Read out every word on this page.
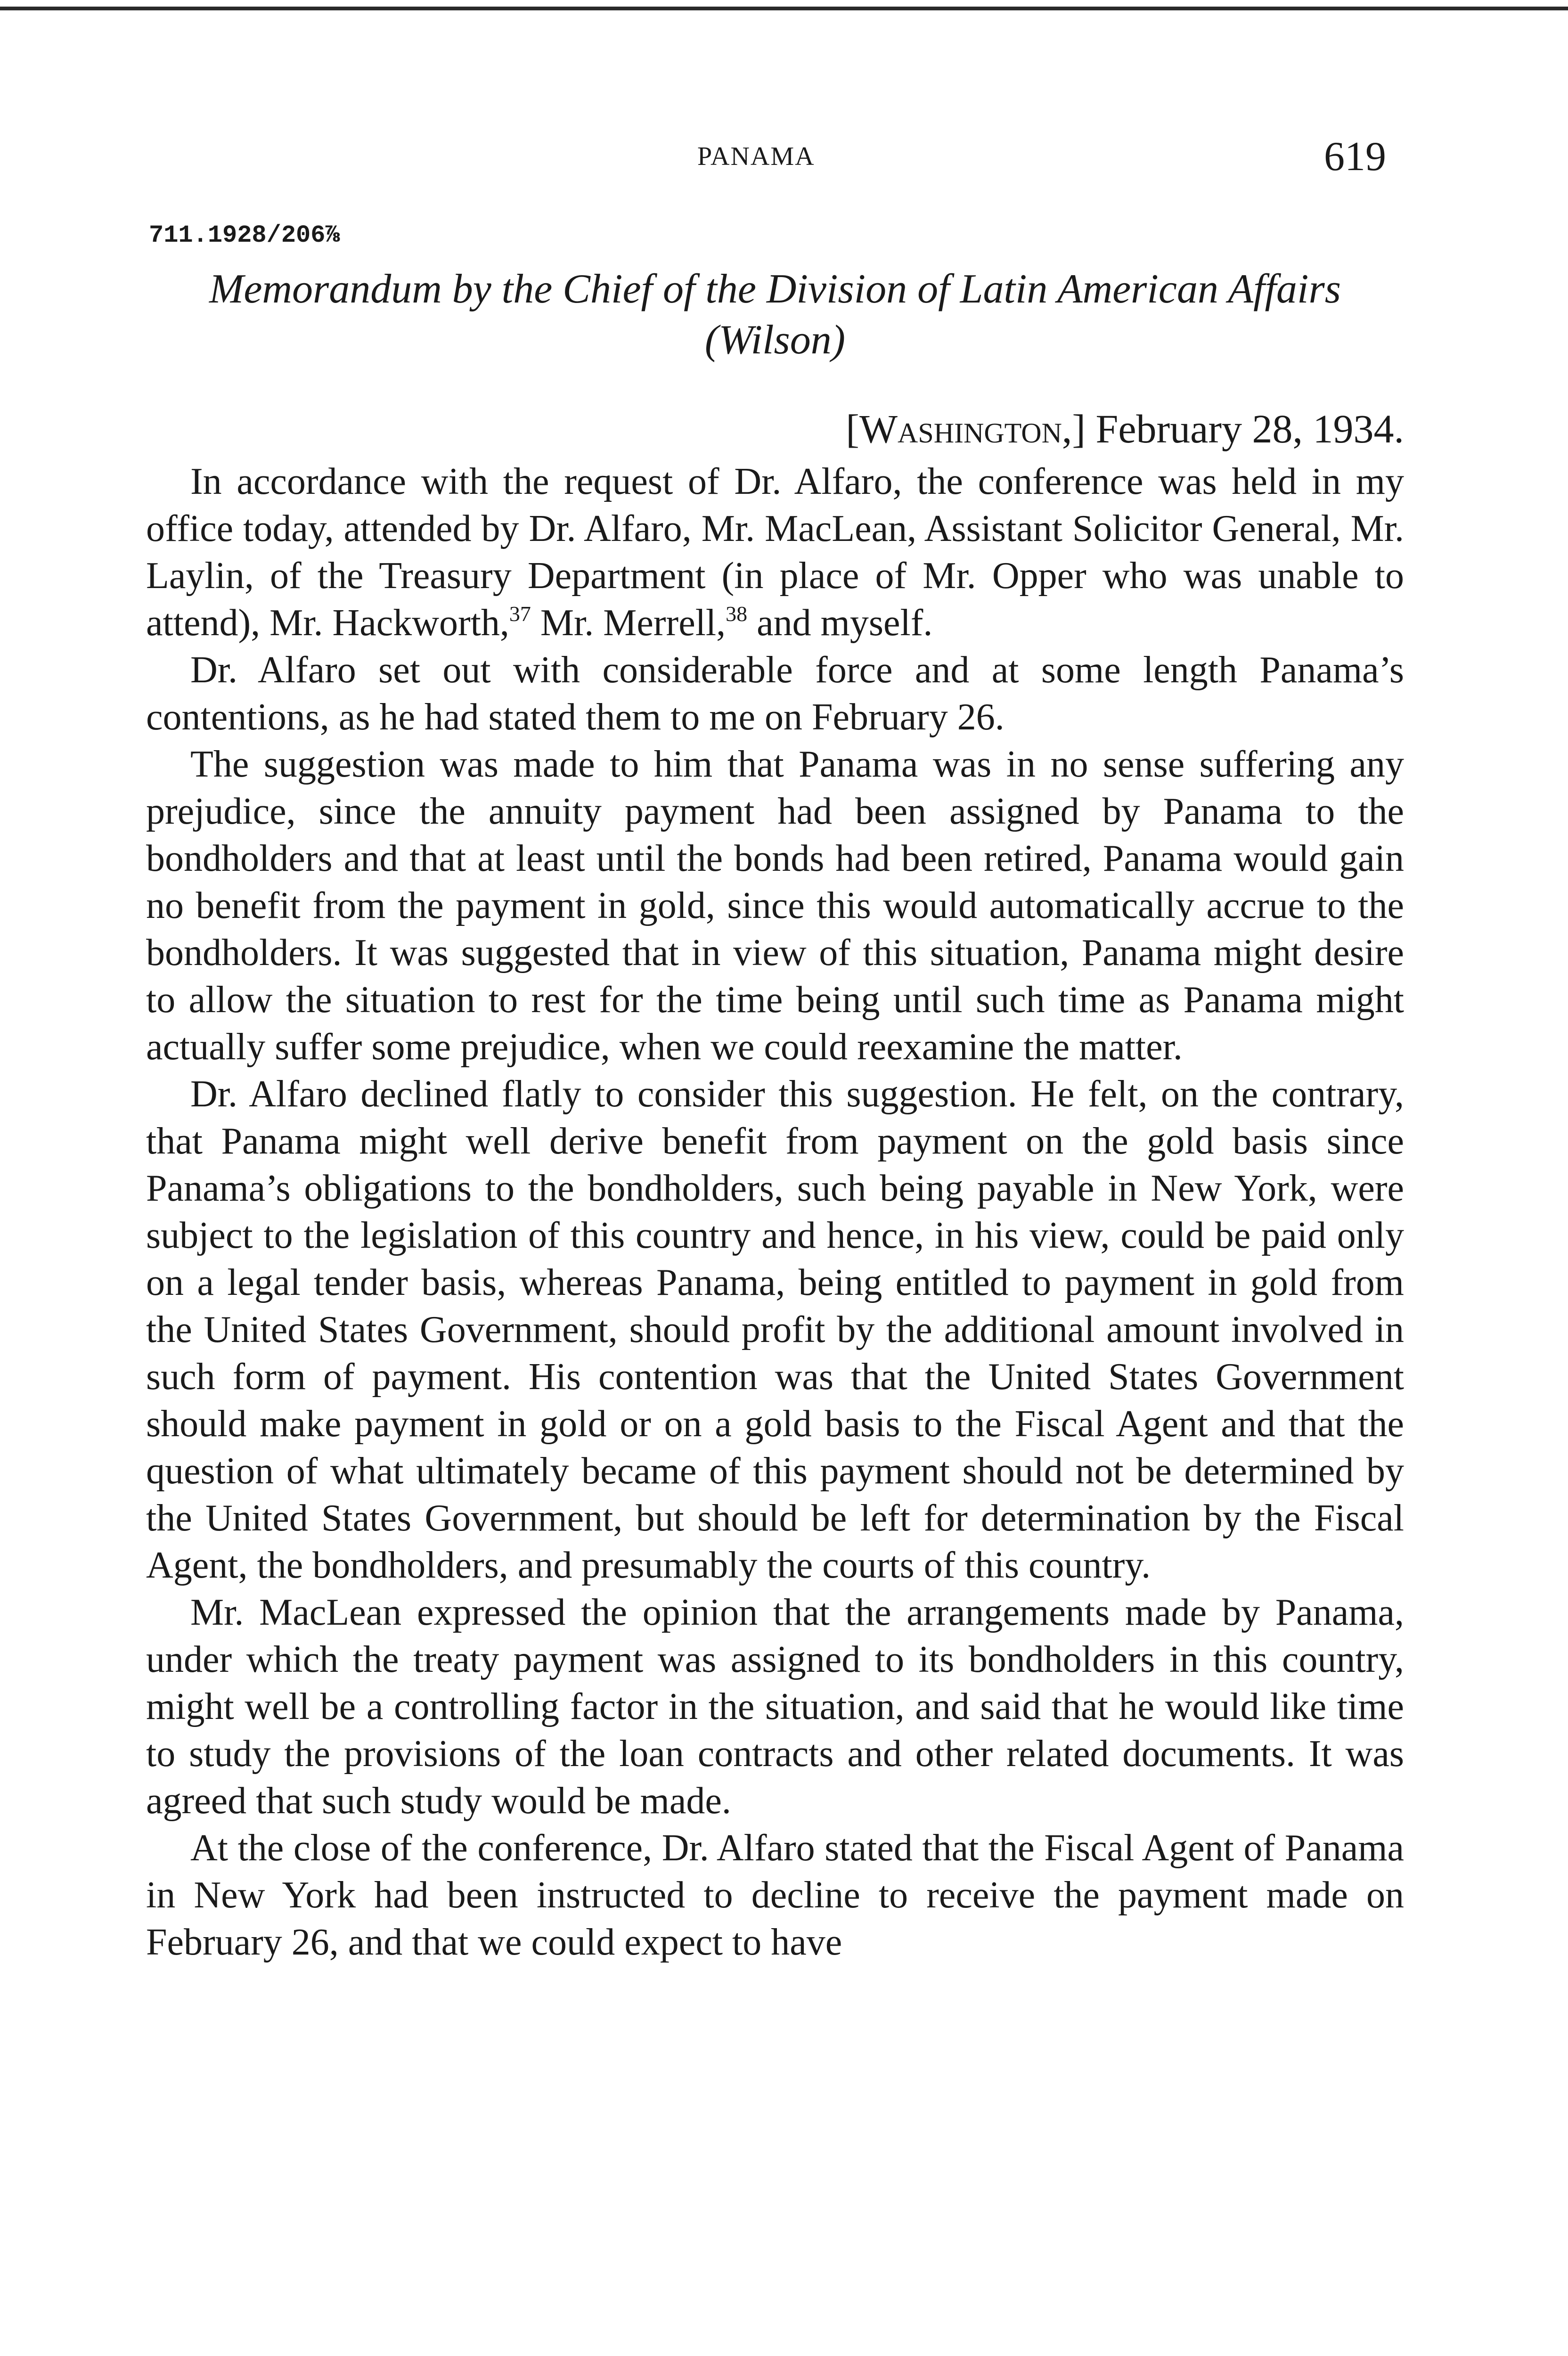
PANAMA	619
711.1928/206⅞
Memorandum by the Chief of the Division of Latin American Affairs
(Wilson)
[Washington,] February 28, 1934.

In accordance with the request of Dr. Alfaro, the conference was held in my office today, attended by Dr. Alfaro, Mr. MacLean, Assistant Solicitor General, Mr. Laylin, of the Treasury Department (in place of Mr. Opper who was unable to attend), Mr. Hackworth,$^{37}$ Mr. Merrell,$^{38}$ and myself.

Dr. Alfaro set out with considerable force and at some length Panama’s contentions, as he had stated them to me on February 26.

The suggestion was made to him that Panama was in no sense suffering any prejudice, since the annuity payment had been assigned by Panama to the bondholders and that at least until the bonds had been retired, Panama would gain no benefit from the payment in gold, since this would automatically accrue to the bondholders. It was suggested that in view of this situation, Panama might desire to allow the situation to rest for the time being until such time as Panama might actually suffer some prejudice, when we could reexamine the matter.

Dr. Alfaro declined flatly to consider this suggestion. He felt, on the contrary, that Panama might well derive benefit from payment on the gold basis since Panama’s obligations to the bondholders, such being payable in New York, were subject to the legislation of this country and hence, in his view, could be paid only on a legal tender basis, whereas Panama, being entitled to payment in gold from the United States Government, should profit by the additional amount involved in such form of payment. His contention was that the United States Government should make payment in gold or on a gold basis to the Fiscal Agent and that the question of what ultimately became of this payment should not be determined by the United States Government, but should be left for determination by the Fiscal Agent, the bondholders, and presumably the courts of this country.

Mr. MacLean expressed the opinion that the arrangements made by Panama, under which the treaty payment was assigned to its bondholders in this country, might well be a controlling factor in the situation, and said that he would like time to study the provisions of the loan contracts and other related documents. It was agreed that such study would be made.

At the close of the conference, Dr. Alfaro stated that the Fiscal Agent of Panama in New York had been instructed to decline to receive the payment made on February 26, and that we could expect to have
